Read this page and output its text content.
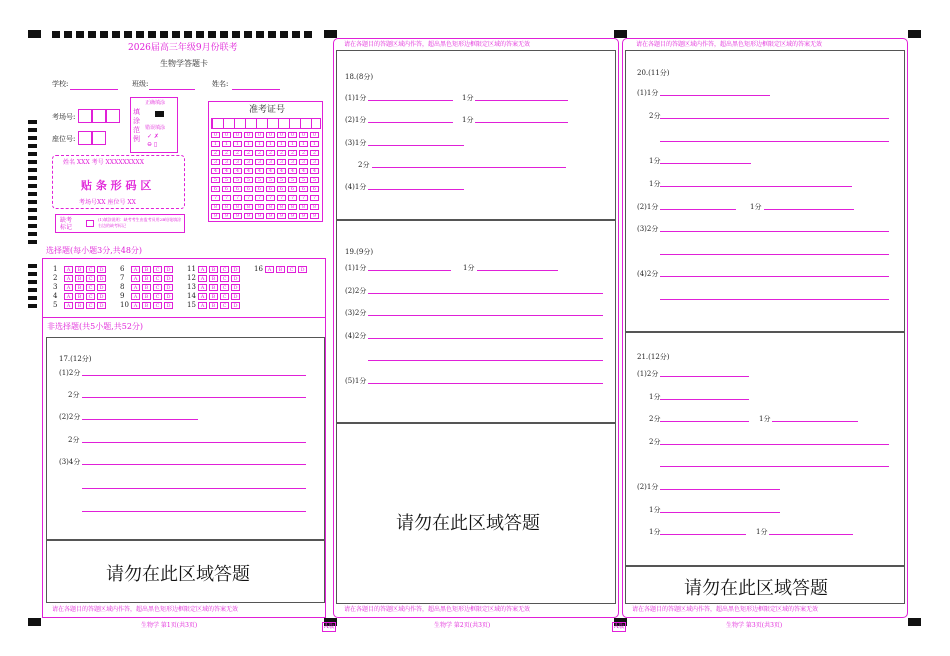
2026届高三年级9月份联考
生物学答题卡
学校:	班级:	姓名:
考场号:
座位号:
填涂范例
正确填涂
错误填涂
✓ ✗
⊖ ▯
准考证号
0	0	0	0	0	0	0	0	0	0
1	1	1	1	1	1	1	1	1	1
2	2	2	2	2	2	2	2	2	2
3	3	3	3	3	3	3	3	3	3
4	4	4	4	4	4	4	4	4	4
5	5	5	5	5	5	5	5	5	5
6	6	6	6	6	6	6	6	6	6
7	7	7	7	7	7	7	7	7	7
8	8	8	8	8	8	8	8	8	8
9	9	9	9	9	9	9	9	9	9
姓名 XXX 考号 XXXXXXXXX
贴 条 形 码 区
考场号XX 座位号 XX
缺考标记
(1)填涂说明：缺考考生由监考员用2B铅笔填涂右边的缺考标记
选择题(每小题3分,共48分)
1 A B C D
2 A B C D
3 A B C D
4 A B C D
5 A B C D
6 A B C D
7 A B C D
8 A B C D
9 A B C D
10 A B C D
11 A B C D
12 A B C D
13 A B C D
14 A B C D
15 A B C D
16 A B C D
非选择题(共5小题,共52分)
17.(12分)
(1)2分
2分
(2)2分
2分
(3)4分
请勿在此区域答题
请在各题目的答题区域内作答，超出黑色矩形边框限定区域的答案无效
生物学 第1页(共3页)	A版
请在各题目的答题区域内作答，超出黑色矩形边框限定区域的答案无效
18.(8分)
(1)1分	1分
(2)1分	1分
(3)1分
2分
(4)1分
19.(9分)
(1)1分	1分
(2)2分
(3)2分
(4)2分
(5)1分
请勿在此区域答题
请在各题目的答题区域内作答，超出黑色矩形边框限定区域的答案无效
生物学 第2页(共3页)	A版
请在各题目的答题区域内作答，超出黑色矩形边框限定区域的答案无效
20.(11分)
(1)1分
2分
1分
1分
(2)1分	1分
(3)2分
(4)2分
21.(12分)
(1)2分
1分
2分	1分
2分
(2)1分
1分
1分	1分
请勿在此区域答题
请在各题目的答题区域内作答，超出黑色矩形边框限定区域的答案无效
生物学 第3页(共3页)
